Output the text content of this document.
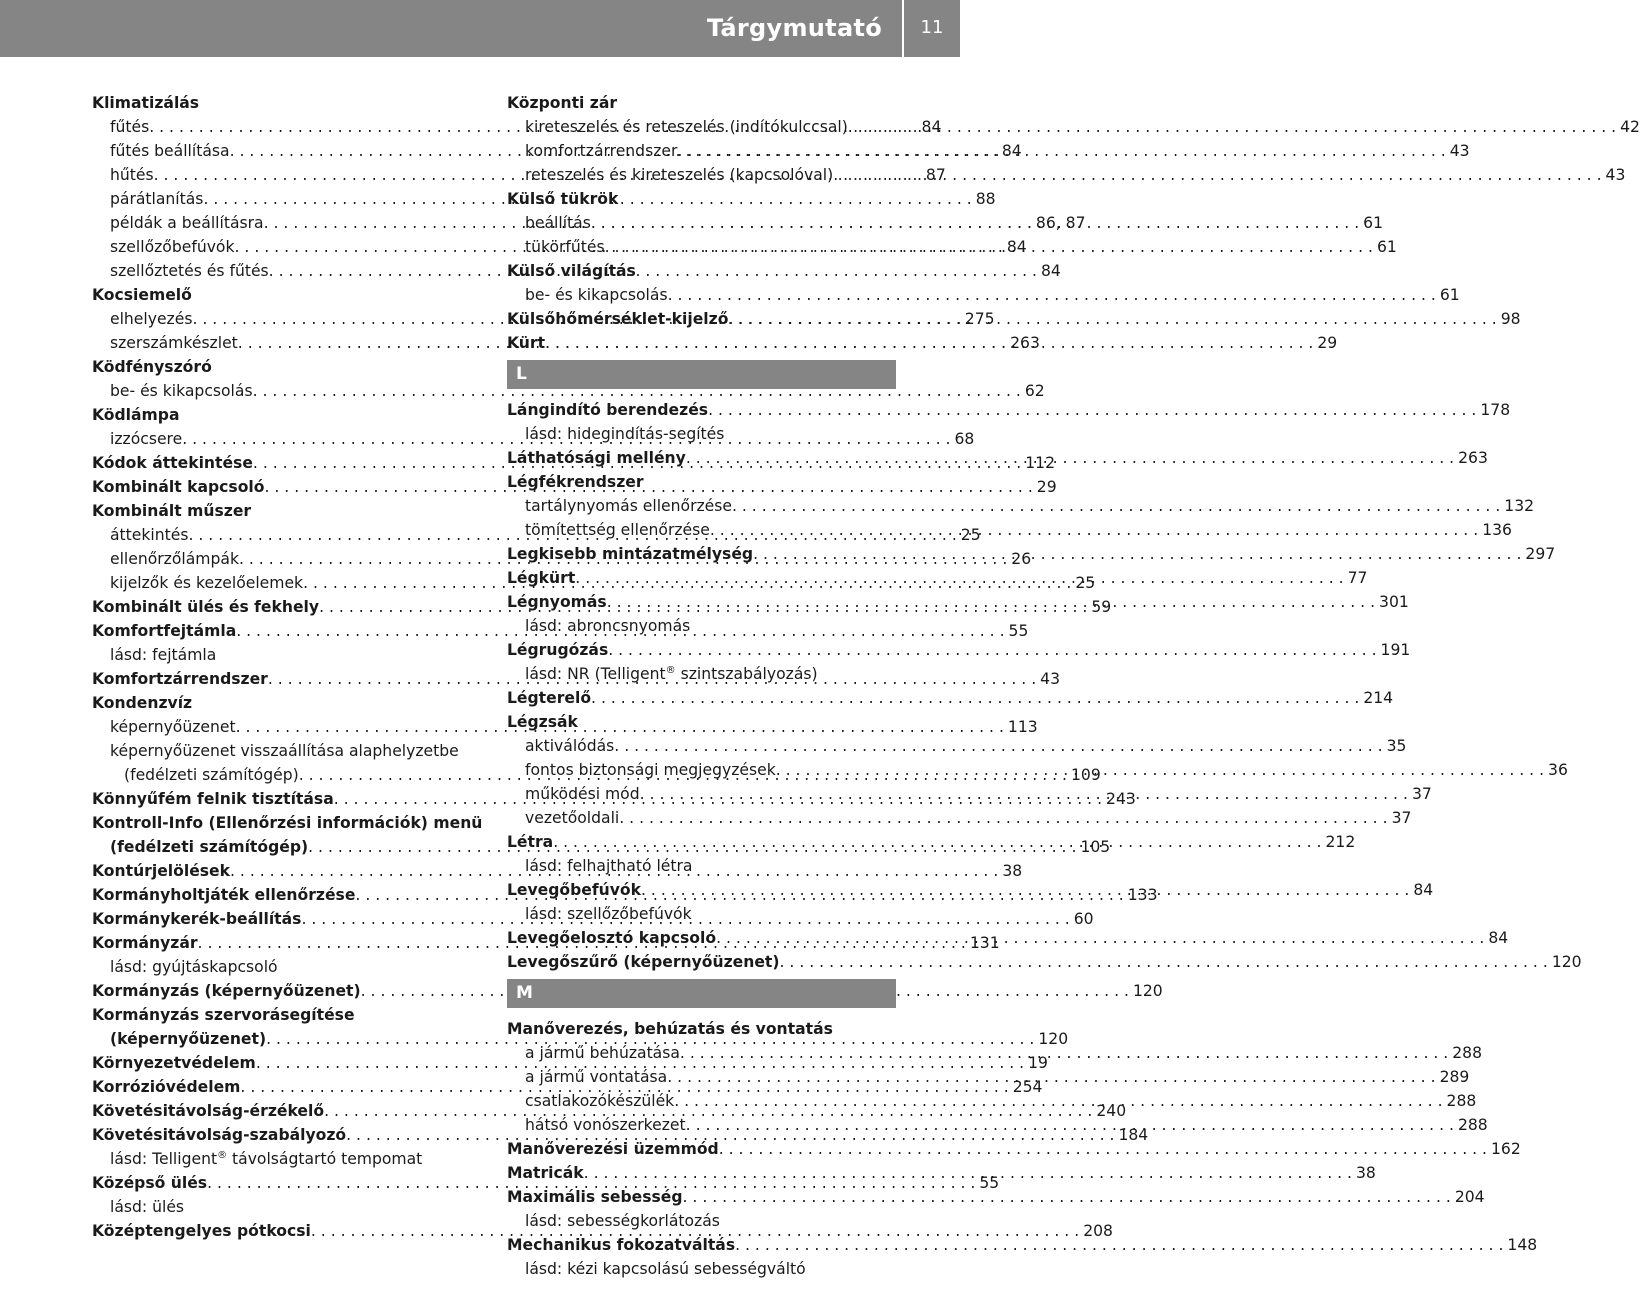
Tárgymutató	11
Klimatizálás
fűtés . . .	84
fűtés beállítása . . .	84
hűtés . . .	87
párátlanítás . . .	88
példák a beállításra . . .	86, 87
szellőzőbefúvók . . .	84
szellőztetés és fűtés . . .	84
Kocsiemelő
elhelyezés . . .	275
szerszámkészlet . . .	263
Ködfényszóró
be- és kikapcsolás . . .	62
Ködlámpa
izzócsere . . .	68
Kódok áttekintése . . .	112
Kombinált kapcsoló . . .	29
Kombinált műszer
áttekintés . . .	25
ellenőrzőlámpák . . .	26
kijelzők és kezelőelemek . . .	25
Kombinált ülés és fekhely . . .	59
Komfortfejtámla . . .	55
lásd: fejtámla
Komfortzárrendszer . . .	43
Kondenzvíz
képernyőüzenet . . .	113
képernyőüzenet visszaállítása alaphelyzetbe
(fedélzeti számítógép) . . .	109
Könnyűfém felnik tisztítása . . .	243
Kontroll-Info (Ellenőrzési információk) menü
(fedélzeti számítógép) . . .	105
Kontúrjelölések . . .	38
Kormányholtjáték ellenőrzése . . .	133
Kormánykerék-beállítás . . .	60
Kormányzár . . .	131
lásd: gyújtáskapcsoló
Kormányzás (képernyőüzenet) . . .	120
Kormányzás szervorásegítése
(képernyőüzenet) . . .	120
Környezetvédelem . . .	19
Korrózióvédelem . . .	254
Követésitávolság-érzékelő . . .	240
Követésitávolság-szabályozó . . .	184
lásd: Telligent® távolságtartó tempomat
Középső ülés . . .	55
lásd: ülés
Középtengelyes pótkocsi . . .	208
Központi zár
kireteszelés és reteszelés (indítókulccsal) . . .	42
komfortzárrendszer . . .	43
reteszelés és kireteszelés (kapcsolóval) . . .	43
Külső tükrök
beállítás . . .	61
tükörfűtés . . .	61
Külső világítás
be- és kikapcsolás . . .	61
Külsőhőmérséklet-kijelző . . .	98
Kürt . . .	29
L
Lángindító berendezés . . .	178
lásd: hidegindítás-segítés
Láthatósági mellény . . .	263
Légfékrendszer
tartálynyomás ellenőrzése . . .	132
tömítettség ellenőrzése . . .	136
Legkisebb mintázatmélység . . .	297
Légkürt . . .	77
Légnyomás . . .	301
lásd: abroncsnyomás
Légrugózás . . .	191
lásd: NR (Telligent® szintszabályozás)
Légterelő . . .	214
Légzsák
aktiválódás . . .	35
fontos biztonsági megjegyzések . . .	36
működési mód . . .	37
vezetőoldali . . .	37
Létra . . .	212
lásd: felhajtható létra
Levegőbefúvók . . .	84
lásd: szellőzőbefúvók
Levegőelosztó kapcsoló . . .	84
Levegőszűrő (képernyőüzenet) . . .	120
M
Manőverezés, behúzatás és vontatás
a jármű behúzatása . . .	288
a jármű vontatása . . .	289
csatlakozókészülék . . .	288
hátsó vonószerkezet . . .	288
Manőverezési üzemmód . . .	162
Matricák . . .	38
Maximális sebesség . . .	204
lásd: sebességkorlátozás
Mechanikus fokozatváltás . . .	148
lásd: kézi kapcsolású sebességváltó
